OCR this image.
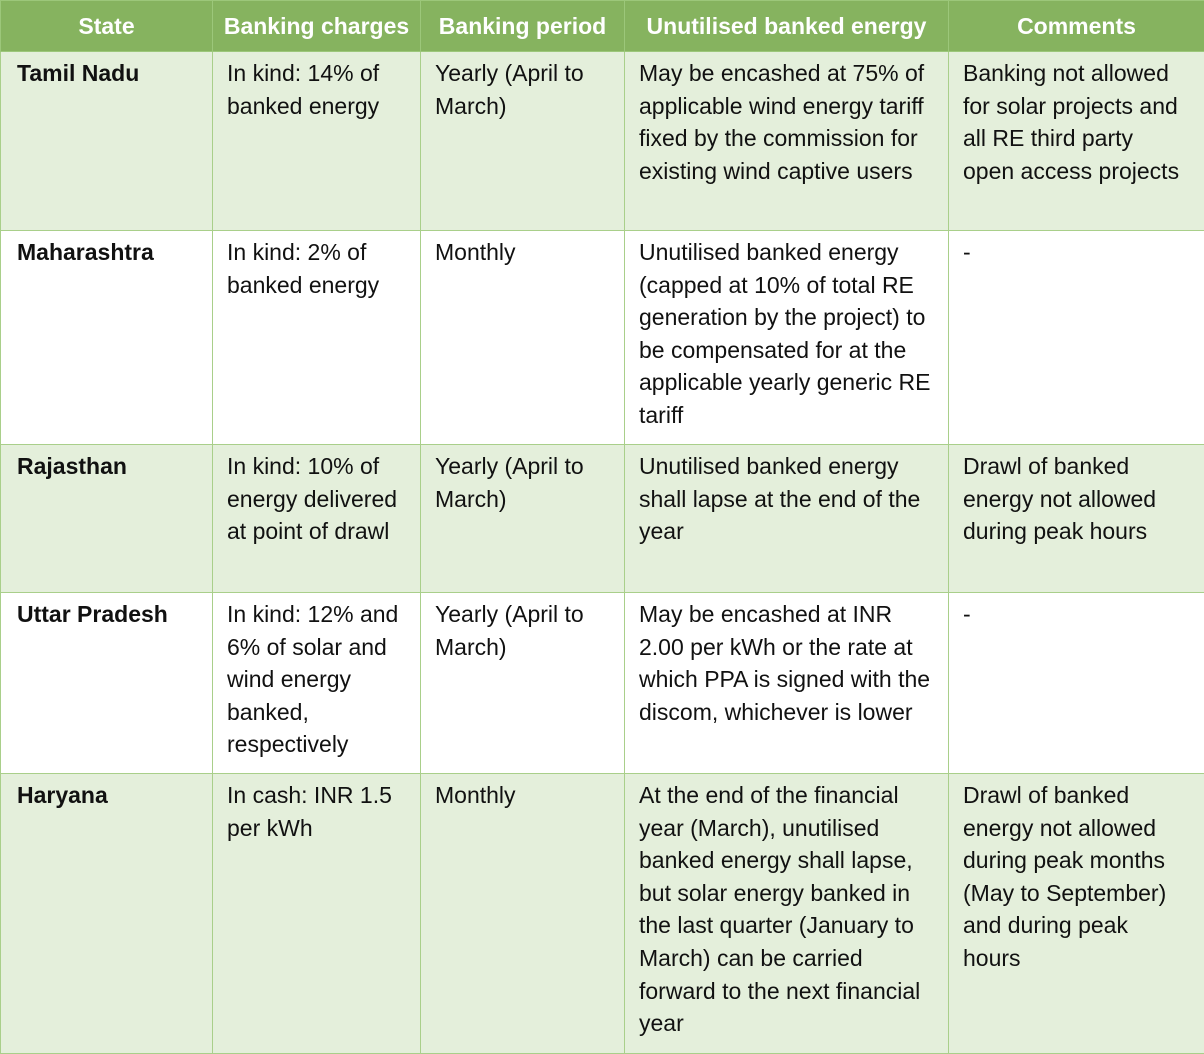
State	Banking charges	Banking period	Unutilised banked energy	Comments
Tamil Nadu	In kind: 14% of banked energy	Yearly (April to March)	May be encashed at 75% of applicable wind energy tariff fixed by the commission for existing wind captive users	Banking not allowed for solar projects and all RE third party open access projects
Maharashtra	In kind: 2% of banked energy	Monthly	Unutilised banked energy (capped at 10% of total RE generation by the project) to be compensated for at the applicable yearly generic RE tariff	-
Rajasthan	In kind: 10% of energy delivered at point of drawl	Yearly (April to March)	Unutilised banked energy shall lapse at the end of the year	Drawl of banked energy not allowed during peak hours
Uttar Pradesh	In kind: 12% and 6% of solar and wind energy banked, respectively	Yearly (April to March)	May be encashed at INR 2.00 per kWh or the rate at which PPA is signed with the discom, whichever is lower	-
Haryana	In cash: INR 1.5 per kWh	Monthly	At the end of the financial year (March), unutilised banked energy shall lapse, but solar energy banked in the last quarter (January to March) can be carried forward to the next financial year	Drawl of banked energy not allowed during peak months (May to September) and during peak hours
